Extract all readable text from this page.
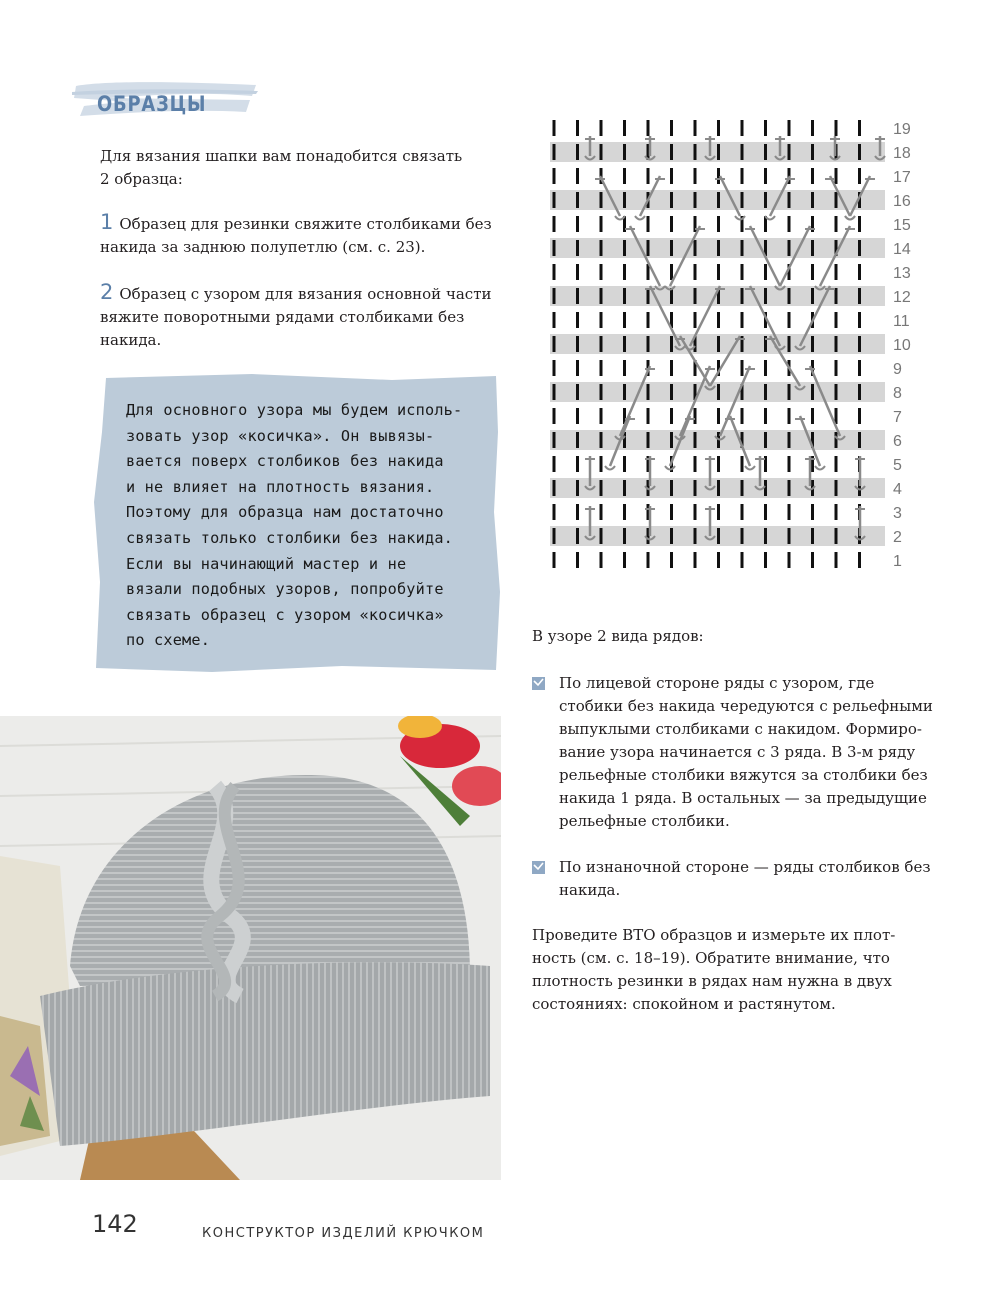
ОБРАЗЦЫ
Для вязания шапки вам понадобится связать
2 образца:
1 Образец для резинки свяжите столбиками без
накида за заднюю полупетлю (см. с. 23).
2 Образец с узором для вязания основной части
вяжите поворотными рядами столбиками без
накида.
Для основного узора мы будем исполь-
зовать узор «косичка». Он вывязы-
вается поверх столбиков без накида
и не влияет на плотность вязания.
Поэтому для образца нам достаточно
связать только столбики без накида.
Если вы начинающий мастер и не
вязали подобных узоров, попробуйте
связать образец с узором «косичка»
по схеме.
19
18
17
16
15
14
13
12
11
10
9
8
7
6
5
4
3
2
1
В узоре 2 вида рядов:
По лицевой стороне ряды с узором, где
стобики без накида чередуются с рельефными
выпуклыми столбиками с накидом. Формиро-
вание узора начинается с 3 ряда. В 3-м ряду
рельефные столбики вяжутся за столбики без
накида 1 ряда. В остальных — за предыдущие
рельефные столбики.
По изнаночной стороне — ряды столбиков без
накида.
Проведите ВТО образцов и измерьте их плот-
ность (см. с. 18–19). Обратите внимание, что
плотность резинки в рядах нам нужна в двух
состояниях: спокойном и растянутом.
142	КОНСТРУКТОР ИЗДЕЛИЙ КРЮЧКОМ
